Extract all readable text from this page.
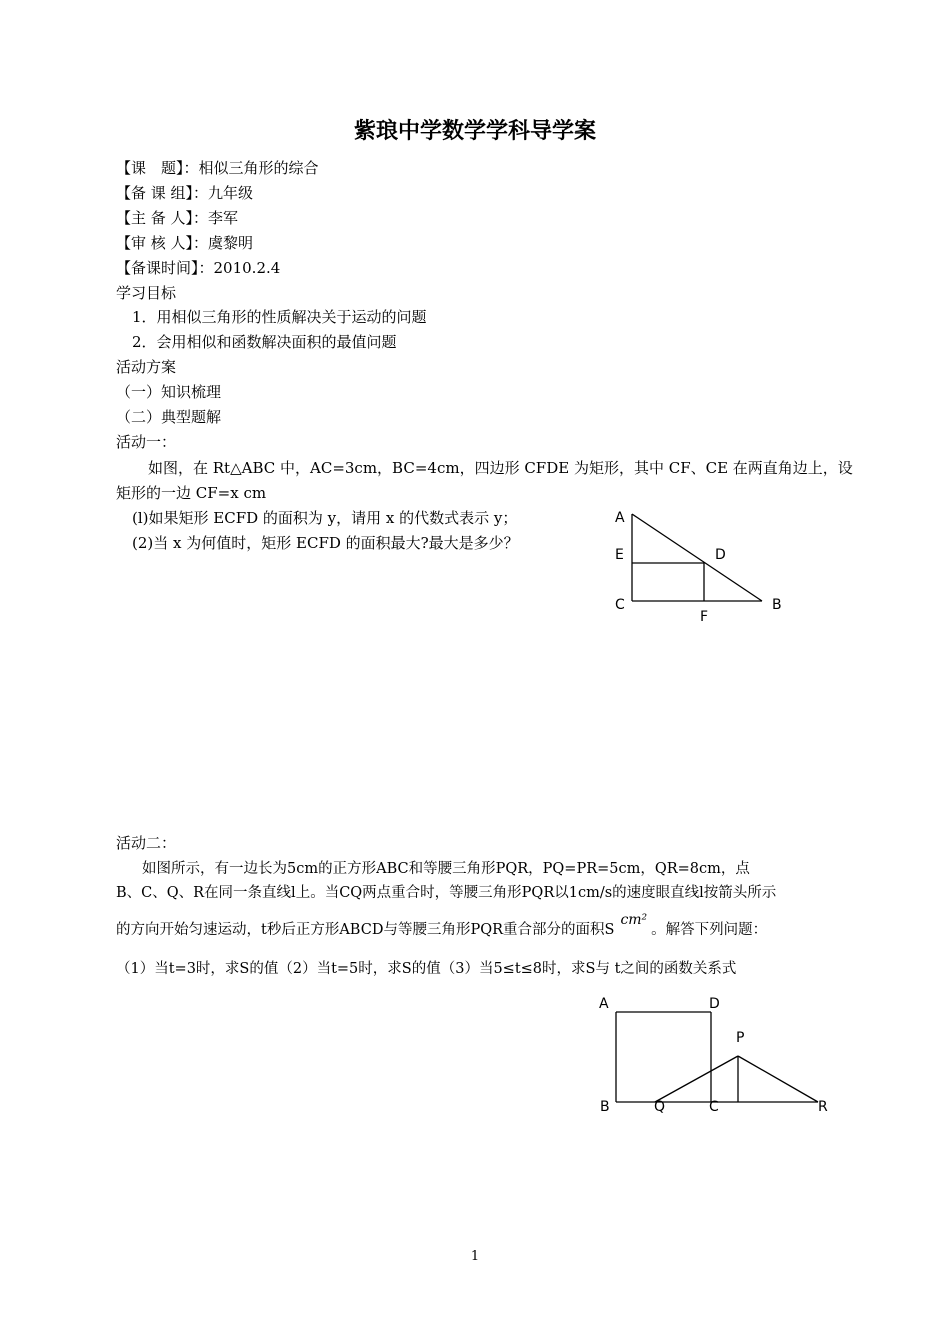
紫琅中学数学学科导学案
【课　题】：相似三角形的综合
【备 课 组】：九年级
【主 备 人】：李军
【审 核 人】：虞黎明
【备课时间】：2010.2.4
学习目标
1．用相似三角形的性质解决关于运动的问题
2．会用相似和函数解决面积的最值问题
活动方案
（一）知识梳理
（二）典型题解
活动一：
如图，在 Rt△ABC 中，AC=3cm，BC=4cm，四边形 CFDE 为矩形，其中 CF、CE 在两直角边上，设
矩形的一边 CF=x cm
(l)如果矩形 ECFD 的面积为 y，请用 x 的代数式表示 y；
(2)当 x 为何值时，矩形 ECFD 的面积最大?最大是多少？
A
E	D
C
F
B
活动二：
如图所示，有一边长为5cm的正方形ABC和等腰三角形PQR，PQ=PR=5cm，QR=8cm，点
B、C、Q、R在同一条直线l上。当CQ两点重合时，等腰三角形PQR以1cm/s的速度眼直线l按箭头所示
的方向开始匀速运动，t秒后正方形ABCD与等腰三角形PQR重合部分的面积Scm²。解答下列问题：
（1）当t=3时，求S的值（2）当t=5时，求S的值（3）当5≤t≤8时，求S与 t之间的函数关系式
A	D
P
B	Q	C	R
1
